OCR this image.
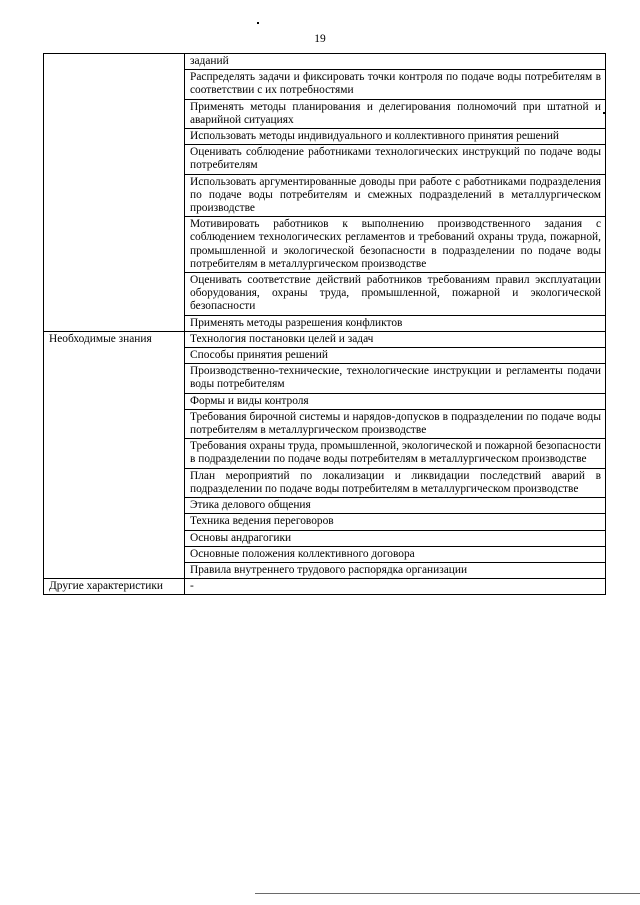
19
	заданий
	Распределять задачи и фиксировать точки контроля по подаче воды потребителям в соответствии с их потребностями
	Применять методы планирования и делегирования полномочий при штатной и аварийной ситуациях
	Использовать методы индивидуального и коллективного принятия решений
	Оценивать соблюдение работниками технологических инструкций по подаче воды потребителям
	Использовать аргументированные доводы при работе с работниками подразделения по подаче воды потребителям и смежных подразделений в металлургическом производстве
	Мотивировать работников к выполнению производственного задания с соблюдением технологических регламентов и требований охраны труда, пожарной, промышленной и экологической безопасности в подразделении по подаче воды потребителям в металлургическом производстве
	Оценивать соответствие действий работников требованиям правил эксплуатации оборудования, охраны труда, промышленной, пожарной и экологической безопасности
	Применять методы разрешения конфликтов
Необходимые знания	Технология постановки целей и задач
	Способы принятия решений
	Производственно-технические, технологические инструкции и регламенты подачи воды потребителям
	Формы и виды контроля
	Требования бирочной системы и нарядов-допусков в подразделении по подаче воды потребителям в металлургическом производстве
	Требования охраны труда, промышленной, экологической и пожарной безопасности в подразделении по подаче воды потребителям в металлургическом производстве
	План мероприятий по локализации и ликвидации последствий аварий в подразделении по подаче воды потребителям в металлургическом производстве
	Этика делового общения
	Техника ведения переговоров
	Основы андрагогики
	Основные положения коллективного договора
	Правила внутреннего трудового распорядка организации
Другие характеристики	-
